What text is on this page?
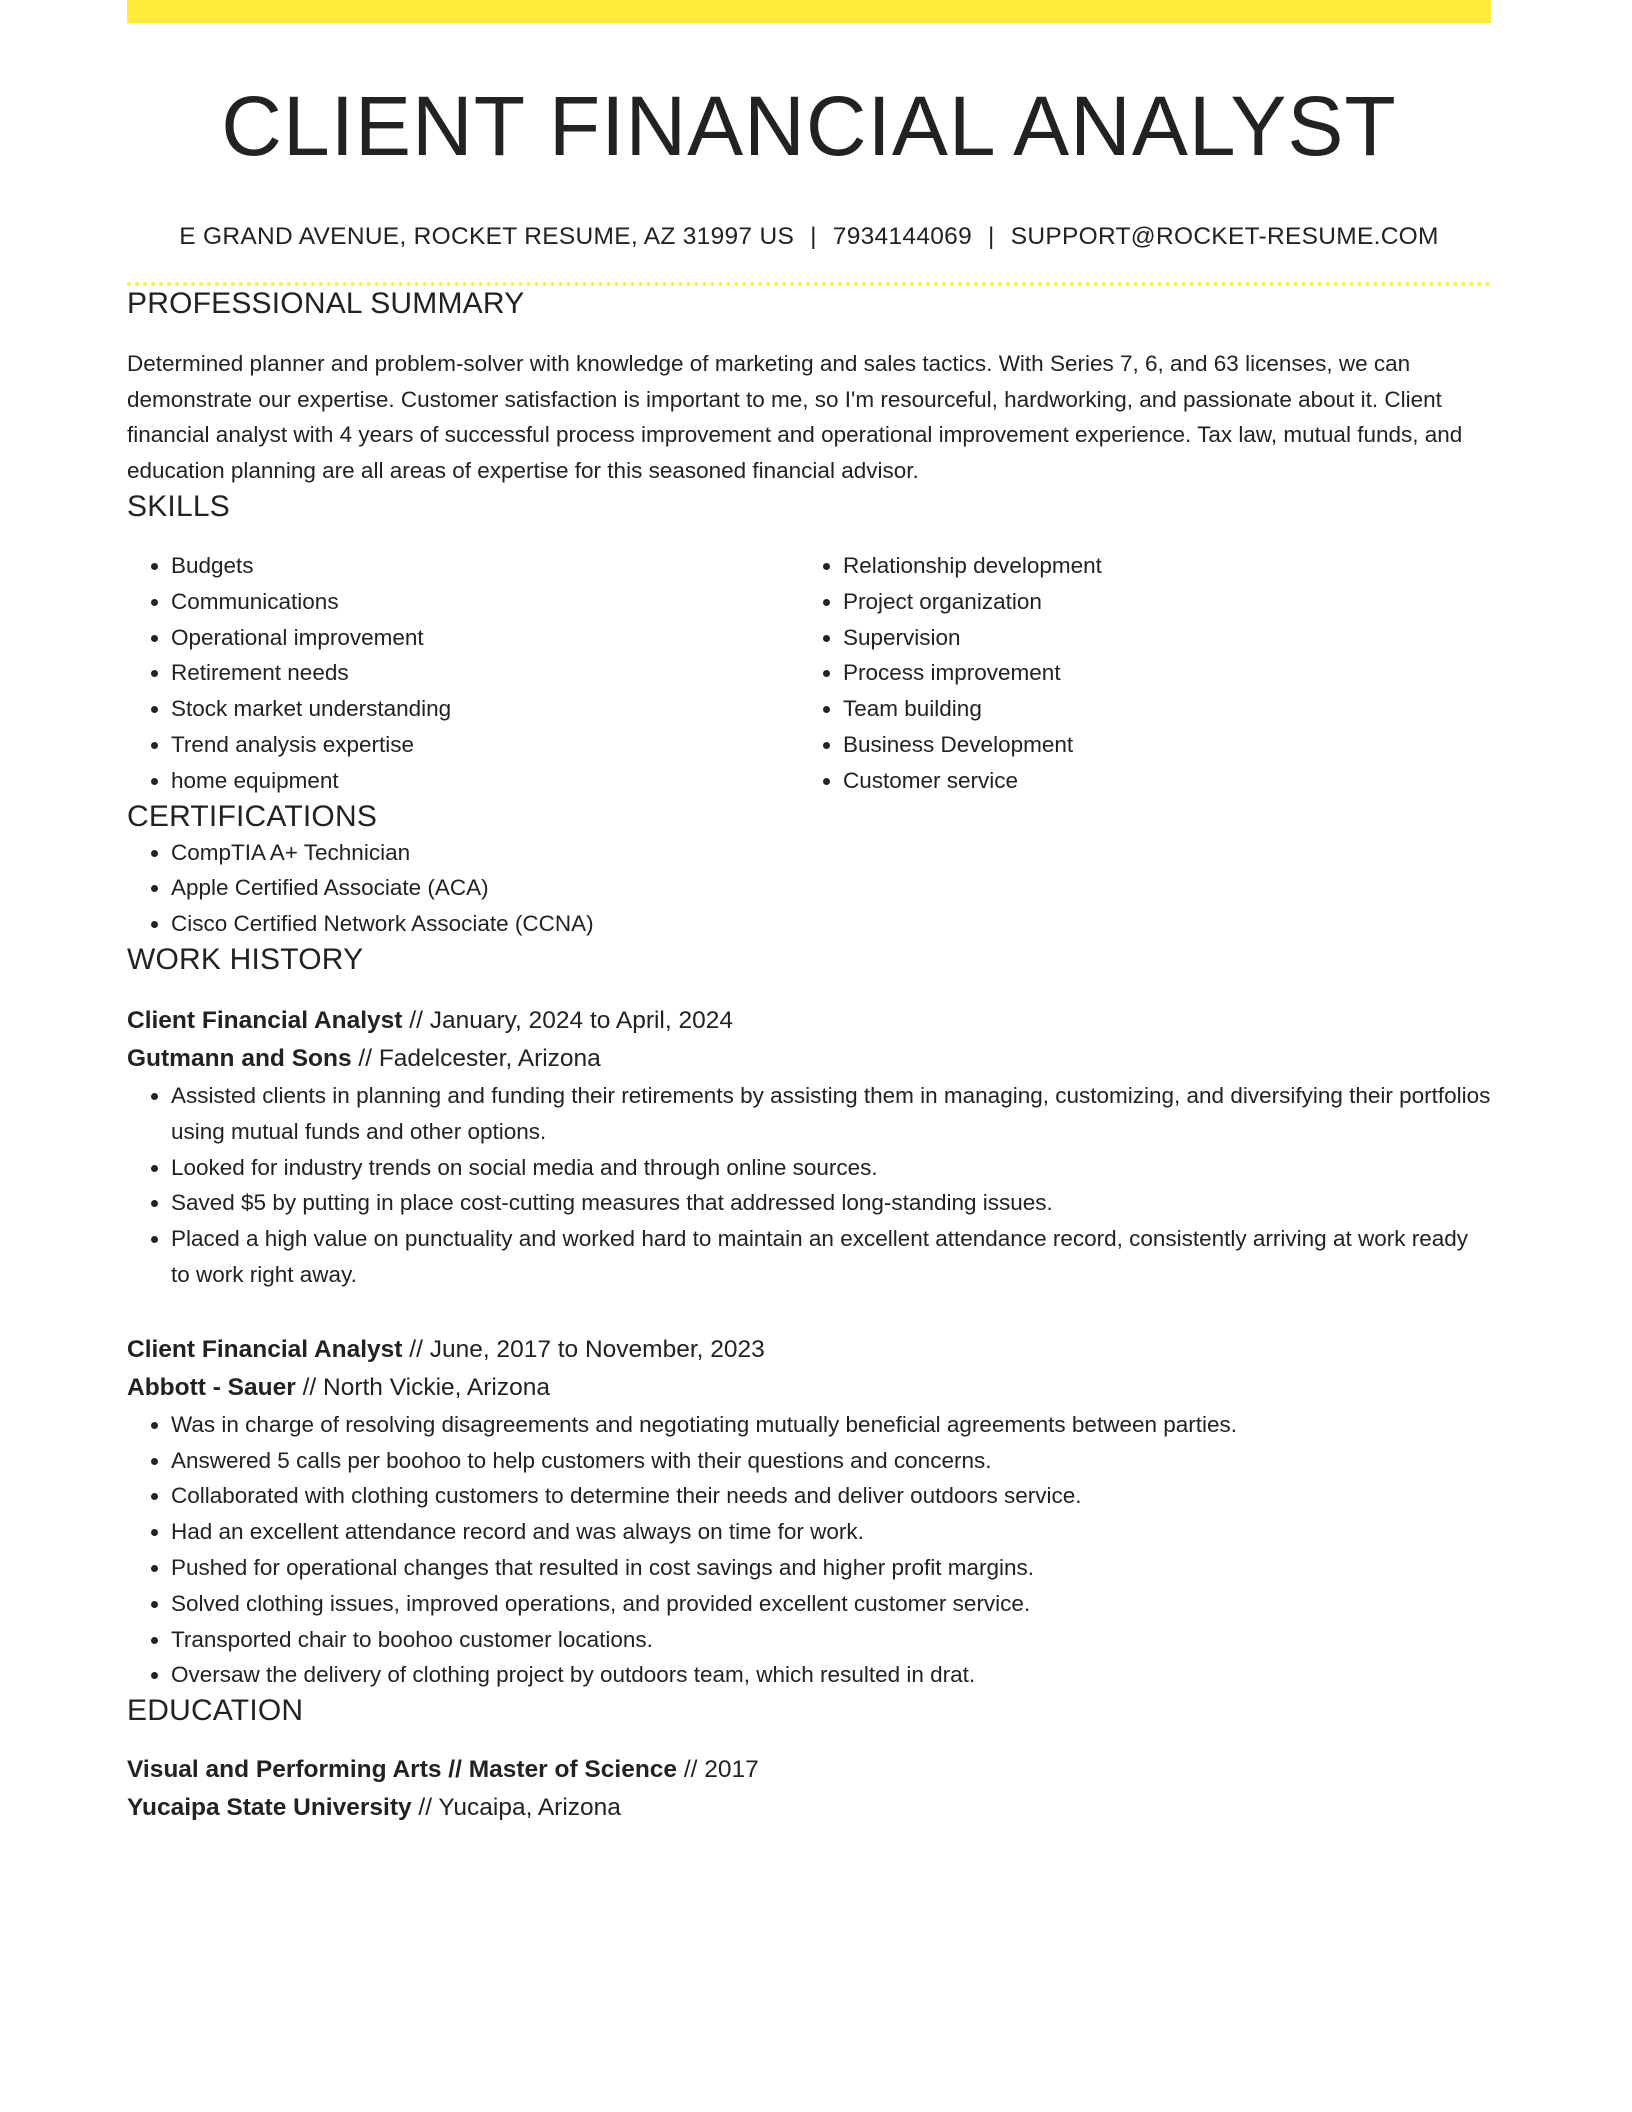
CLIENT FINANCIAL ANALYST
E GRAND AVENUE, ROCKET RESUME, AZ 31997 US | 7934144069 | SUPPORT@ROCKET-RESUME.COM
PROFESSIONAL SUMMARY

Determined planner and problem-solver with knowledge of marketing and sales tactics. With Series 7, 6, and 63 licenses, we can demonstrate our expertise. Customer satisfaction is important to me, so I'm resourceful, hardworking, and passionate about it. Client financial analyst with 4 years of successful process improvement and operational improvement experience. Tax law, mutual funds, and education planning are all areas of expertise for this seasoned financial advisor.

SKILLS
• Budgets
• Communications
• Operational improvement
• Retirement needs
• Stock market understanding
• Trend analysis expertise
• home equipment
• Relationship development
• Project organization
• Supervision
• Process improvement
• Team building
• Business Development
• Customer service
CERTIFICATIONS
• CompTIA A+ Technician
• Apple Certified Associate (ACA)
• Cisco Certified Network Associate (CCNA)
WORK HISTORY
Client Financial Analyst // January, 2024 to April, 2024
Gutmann and Sons // Fadelcester, Arizona
• Assisted clients in planning and funding their retirements by assisting them in managing, customizing, and diversifying their portfolios using mutual funds and other options.
• Looked for industry trends on social media and through online sources.
• Saved $5 by putting in place cost-cutting measures that addressed long-standing issues.
• Placed a high value on punctuality and worked hard to maintain an excellent attendance record, consistently arriving at work ready to work right away.
Client Financial Analyst // June, 2017 to November, 2023
Abbott - Sauer // North Vickie, Arizona
• Was in charge of resolving disagreements and negotiating mutually beneficial agreements between parties.
• Answered 5 calls per boohoo to help customers with their questions and concerns.
• Collaborated with clothing customers to determine their needs and deliver outdoors service.
• Had an excellent attendance record and was always on time for work.
• Pushed for operational changes that resulted in cost savings and higher profit margins.
• Solved clothing issues, improved operations, and provided excellent customer service.
• Transported chair to boohoo customer locations.
• Oversaw the delivery of clothing project by outdoors team, which resulted in drat.
EDUCATION
Visual and Performing Arts // Master of Science // 2017
Yucaipa State University // Yucaipa, Arizona
